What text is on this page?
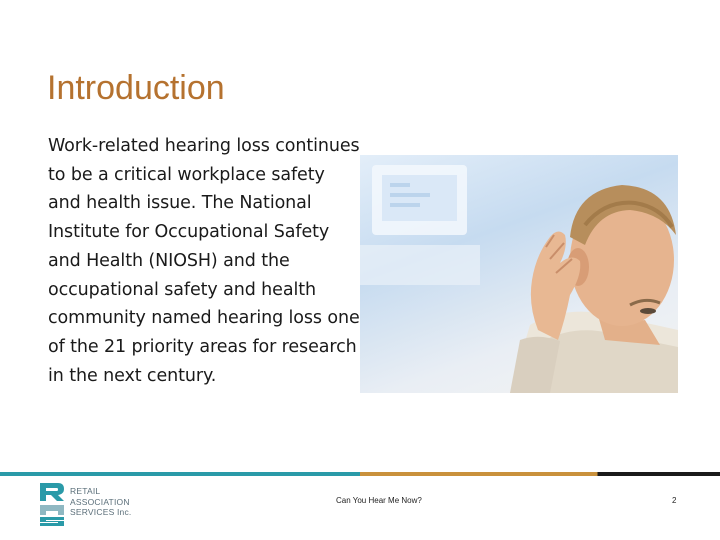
Introduction

Work-related hearing loss continues to be a critical workplace safety and health issue. The National Institute for Occupational Safety and Health (NIOSH) and the occupational safety and health community named hearing loss one of the 21 priority areas for research in the next century.

RETAIL
ASSOCIATION
SERVICES Inc.
Can You Hear Me Now?	2
